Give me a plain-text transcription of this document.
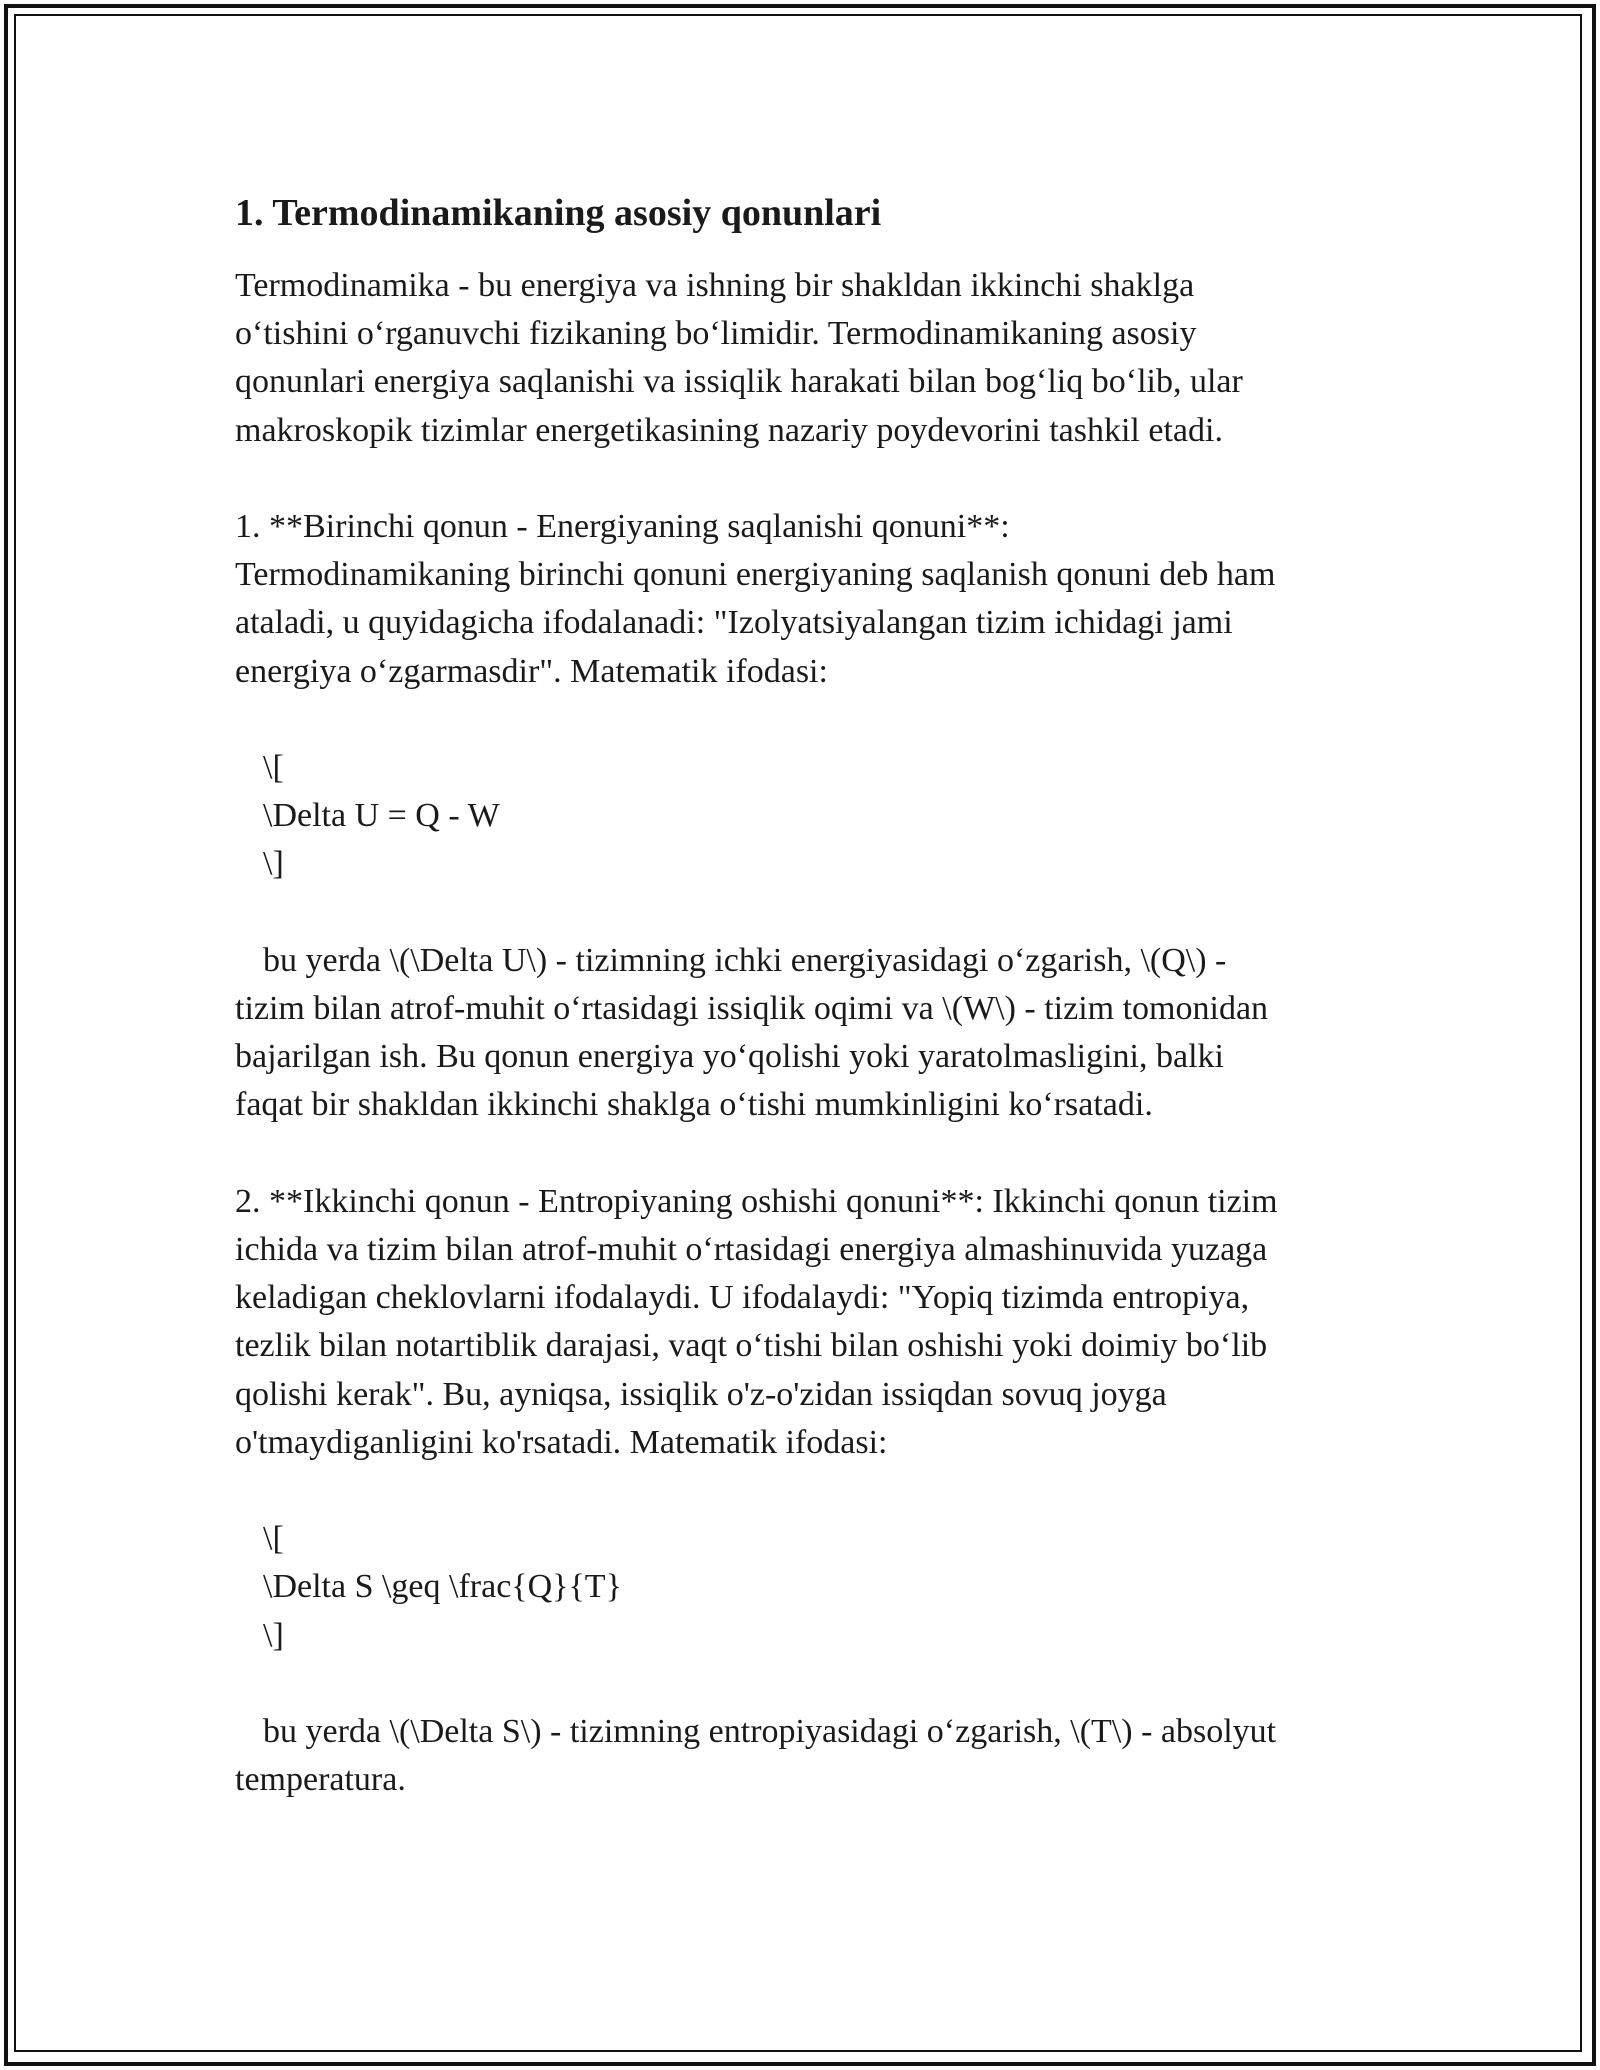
1. Termodinamikaning asosiy qonunlari

Termodinamika - bu energiya va ishning bir shakldan ikkinchi shaklga
o‘tishini o‘rganuvchi fizikaning bo‘limidir. Termodinamikaning asosiy
qonunlari energiya saqlanishi va issiqlik harakati bilan bog‘liq bo‘lib, ular
makroskopik tizimlar energetikasining nazariy poydevorini tashkil etadi.

1. **Birinchi qonun - Energiyaning saqlanishi qonuni**:
Termodinamikaning birinchi qonuni energiyaning saqlanish qonuni deb ham
ataladi, u quyidagicha ifodalanadi: "Izolyatsiyalangan tizim ichidagi jami
energiya o‘zgarmasdir". Matematik ifodasi:

\[

\Delta U = Q - W

\]

bu yerda \(\Delta U\) - tizimning ichki energiyasidagi o‘zgarish, \(Q\) -

tizim bilan atrof-muhit o‘rtasidagi issiqlik oqimi va \(W\) - tizim tomonidan
bajarilgan ish. Bu qonun energiya yo‘qolishi yoki yaratolmasligini, balki
faqat bir shakldan ikkinchi shaklga o‘tishi mumkinligini ko‘rsatadi.

2. **Ikkinchi qonun - Entropiyaning oshishi qonuni**: Ikkinchi qonun tizim
ichida va tizim bilan atrof-muhit o‘rtasidagi energiya almashinuvida yuzaga
keladigan cheklovlarni ifodalaydi. U ifodalaydi: "Yopiq tizimda entropiya,
tezlik bilan notartiblik darajasi, vaqt o‘tishi bilan oshishi yoki doimiy bo‘lib
qolishi kerak". Bu, ayniqsa, issiqlik o'z-o'zidan issiqdan sovuq joyga
o'tmaydiganligini ko'rsatadi. Matematik ifodasi:

\[

\Delta S \geq \frac{Q}{T}

\]

bu yerda \(\Delta S\) - tizimning entropiyasidagi o‘zgarish, \(T\) - absolyut

temperatura.
